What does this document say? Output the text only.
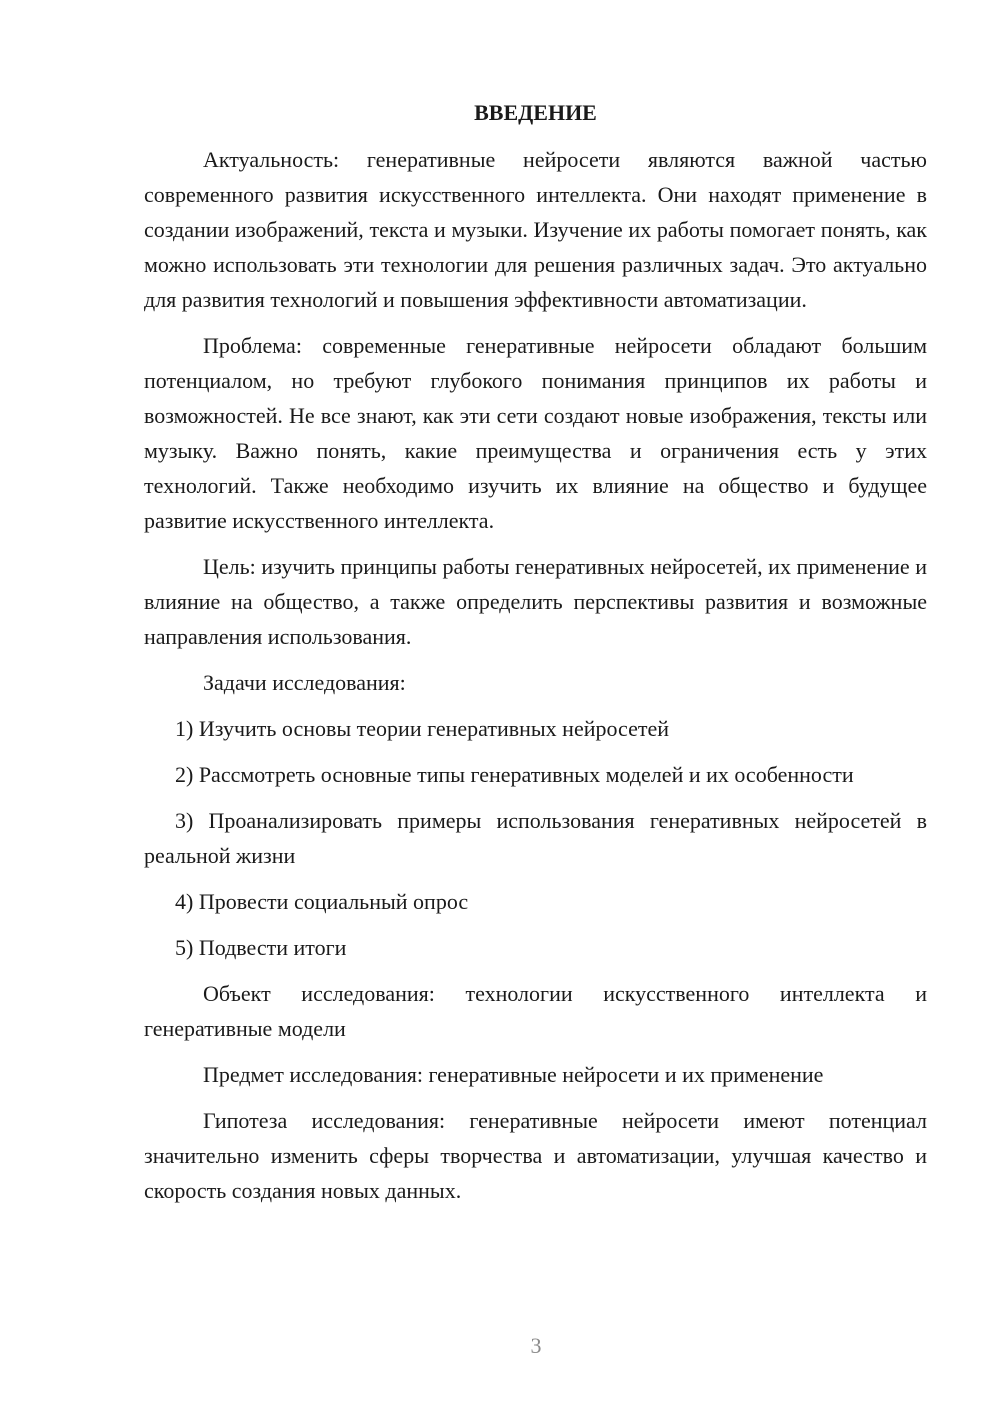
ВВЕДЕНИЕ

Актуальность: генеративные нейросети являются важной частью современного развития искусственного интеллекта. Они находят применение в создании изображений, текста и музыки. Изучение их работы помогает понять, как можно использовать эти технологии для решения различных задач. Это актуально для развития технологий и повышения эффективности автоматизации.

Проблема: современные генеративные нейросети обладают большим потенциалом, но требуют глубокого понимания принципов их работы и возможностей. Не все знают, как эти сети создают новые изображения, тексты или музыку. Важно понять, какие преимущества и ограничения есть у этих технологий. Также необходимо изучить их влияние на общество и будущее развитие искусственного интеллекта.

Цель: изучить принципы работы генеративных нейросетей, их применение и влияние на общество, а также определить перспективы развития и возможные направления использования.

Задачи исследования:

1) Изучить основы теории генеративных нейросетей

2) Рассмотреть основные типы генеративных моделей и их особенности

3) Проанализировать примеры использования генеративных нейросетей в реальной жизни

4) Провести социальный опрос

5) Подвести итоги

Объект исследования: технологии искусственного интеллекта и генеративные модели

Предмет исследования: генеративные нейросети и их применение

Гипотеза исследования: генеративные нейросети имеют потенциал значительно изменить сферы творчества и автоматизации, улучшая качество и скорость создания новых данных.

3
